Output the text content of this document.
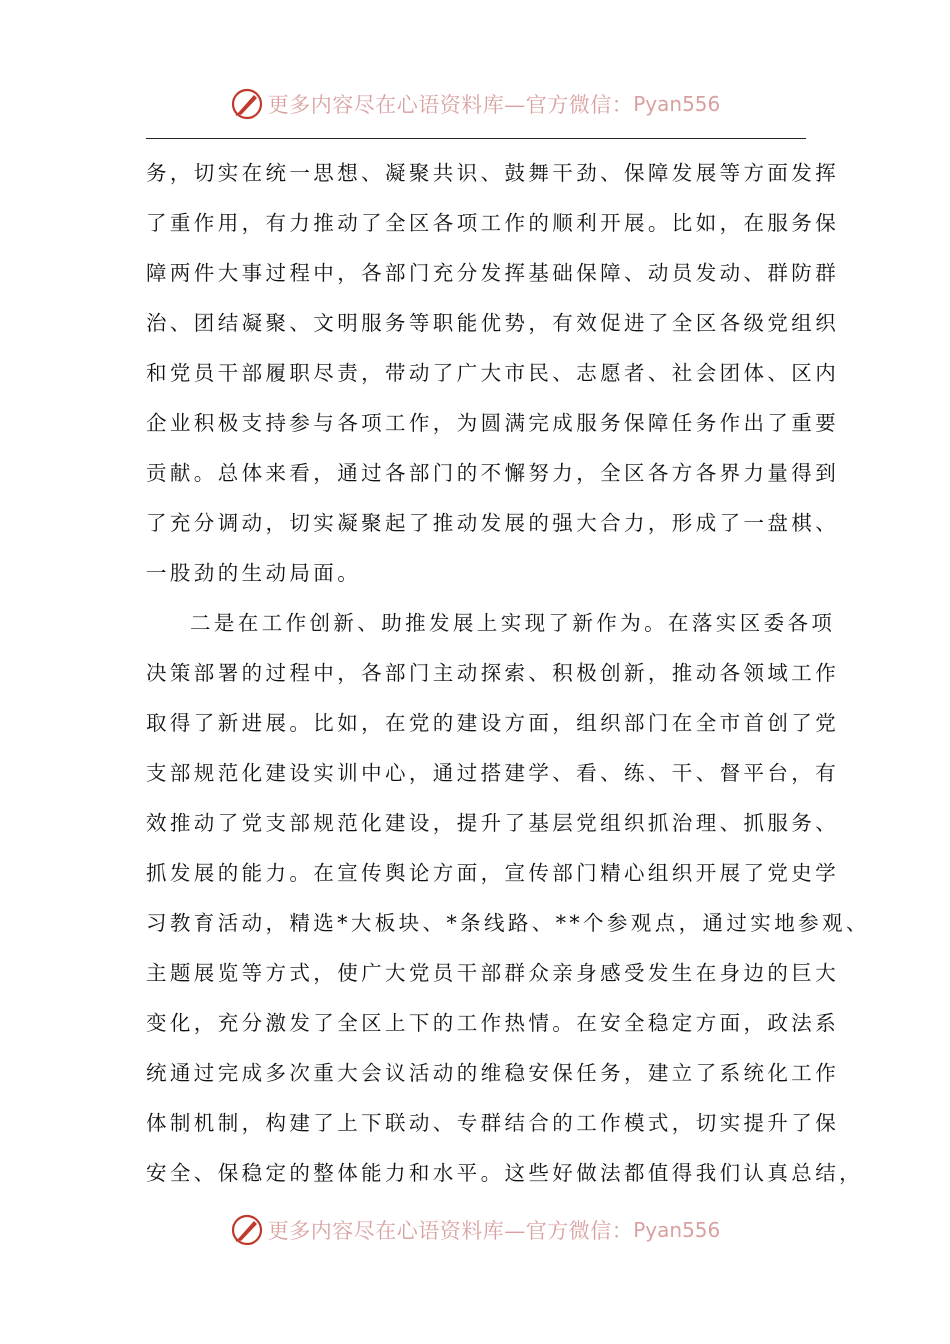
更多内容尽在心语资料库—官方微信： Pyan556
务，切实在统一思想、凝聚共识、鼓舞干劲、保障发展等方面发挥
了重作用，有力推动了全区各项工作的顺利开展。比如，在服务保
障两件大事过程中，各部门充分发挥基础保障、动员发动、群防群
治、团结凝聚、文明服务等职能优势，有效促进了全区各级党组织
和党员干部履职尽责，带动了广大市民、志愿者、社会团体、区内
企业积极支持参与各项工作，为圆满完成服务保障任务作出了重要
贡献。总体来看，通过各部门的不懈努力，全区各方各界力量得到
了充分调动，切实凝聚起了推动发展的强大合力，形成了一盘棋、
一股劲的生动局面。
二是在工作创新、助推发展上实现了新作为。在落实区委各项
决策部署的过程中，各部门主动探索、积极创新，推动各领域工作
取得了新进展。比如，在党的建设方面，组织部门在全市首创了党
支部规范化建设实训中心，通过搭建学、看、练、干、督平台，有
效推动了党支部规范化建设，提升了基层党组织抓治理、抓服务、
抓发展的能力。在宣传舆论方面，宣传部门精心组织开展了党史学
习教育活动，精选*大板块、*条线路、**个参观点，通过实地参观、
主题展览等方式，使广大党员干部群众亲身感受发生在身边的巨大
变化，充分激发了全区上下的工作热情。在安全稳定方面，政法系
统通过完成多次重大会议活动的维稳安保任务，建立了系统化工作
体制机制，构建了上下联动、专群结合的工作模式，切实提升了保
安全、保稳定的整体能力和水平。这些好做法都值得我们认真总结，
更多内容尽在心语资料库—官方微信： Pyan556
